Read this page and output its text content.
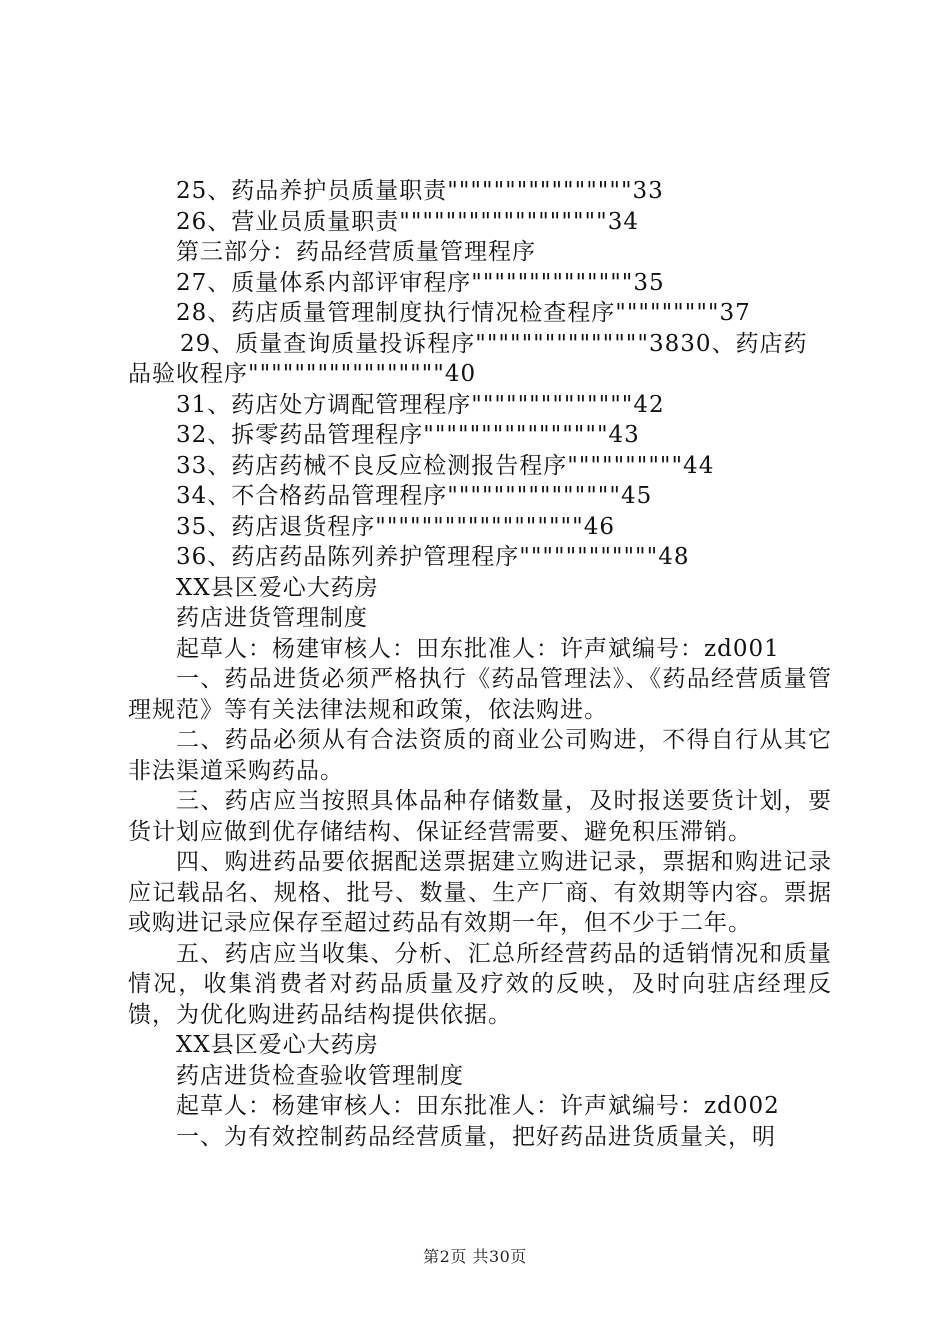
25、药品养护员质量职责""""""""""""""""33
26、营业员质量职责""""""""""""""""""34
第三部分：药品经营质量管理程序
27、质量体系内部评审程序""""""""""""""35
28、药店质量管理制度执行情况检查程序"""""""""37
29、质量查询质量投诉程序"""""""""""""""3830、药店药
品验收程序"""""""""""""""""40
31、药店处方调配管理程序""""""""""""""42
32、拆零药品管理程序""""""""""""""""43
33、药店药械不良反应检测报告程序""""""""""44
34、不合格药品管理程序"""""""""""""""45
35、药店退货程序""""""""""""""""""46
36、药店药品陈列养护管理程序""""""""""""48
XX县区爱心大药房
药店进货管理制度
起草人：杨建审核人：田东批准人：许声斌编号：zd001

一、药品进货必须严格执行《药品管理法》、《药品经营质量管理规范》等有关法律法规和政策，依法购进。

二、药品必须从有合法资质的商业公司购进，不得自行从其它非法渠道采购药品。

三、药店应当按照具体品种存储数量，及时报送要货计划，要货计划应做到优存储结构、保证经营需要、避免积压滞销。

四、购进药品要依据配送票据建立购进记录，票据和购进记录应记载品名、规格、批号、数量、生产厂商、有效期等内容。票据或购进记录应保存至超过药品有效期一年，但不少于二年。

五、药店应当收集、分析、汇总所经营药品的适销情况和质量情况，收集消费者对药品质量及疗效的反映，及时向驻店经理反馈，为优化购进药品结构提供依据。

XX县区爱心大药房
药店进货检查验收管理制度
起草人：杨建审核人：田东批准人：许声斌编号：zd002

一、为有效控制药品经营质量，把好药品进货质量关，明

第2页 共30页
